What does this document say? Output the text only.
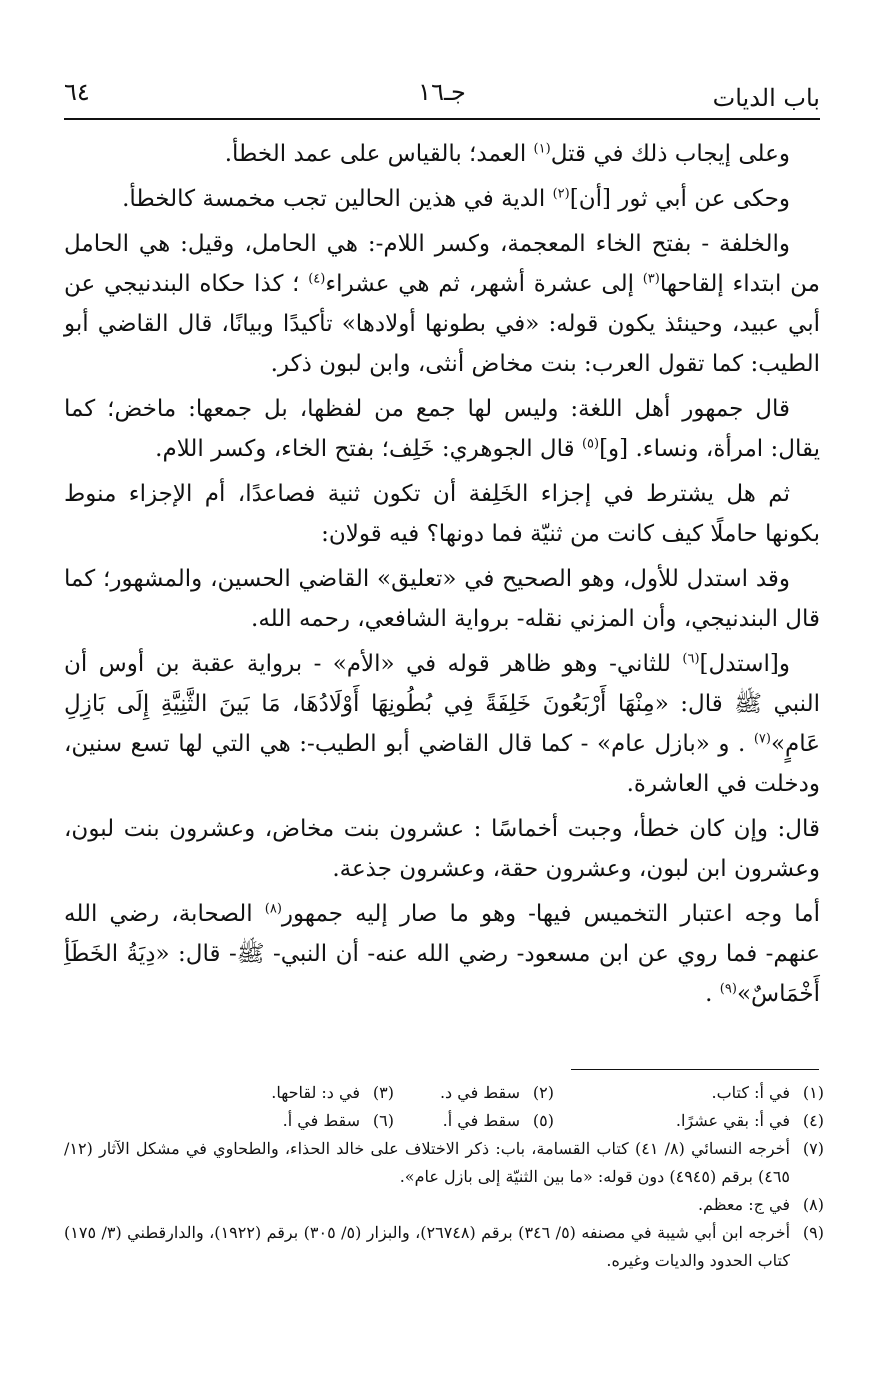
باب الديات
جـ١٦
٦٤

وعلى إيجاب ذلك في قتل$^{(١)}$ العمد؛ بالقياس على عمد الخطأ.

وحكى عن أبي ثور [أن]$^{(٢)}$ الدية في هذين الحالين تجب مخمسة كالخطأ.

والخلفة - بفتح الخاء المعجمة، وكسر اللام-: هي الحامل، وقيل: هي الحامل من ابتداء إلقاحها$^{(٣)}$ إلى عشرة أشهر، ثم هي عشراء$^{(٤)}$ ؛ كذا حكاه البندنيجي عن أبي عبيد، وحينئذ يكون قوله: «في بطونها أولادها» تأكيدًا وبيانًا، قال القاضي أبو الطيب: كما تقول العرب: بنت مخاض أنثى، وابن لبون ذكر.

قال جمهور أهل اللغة: وليس لها جمع من لفظها، بل جمعها: ماخض؛ كما يقال: امرأة، ونساء. [و]$^{(٥)}$ قال الجوهري: خَلِف؛ بفتح الخاء، وكسر اللام.

ثم هل يشترط في إجزاء الخَلِفة أن تكون ثنية فصاعدًا، أم الإجزاء منوط بكونها حاملًا كيف كانت من ثنيّة فما دونها؟ فيه قولان:

وقد استدل للأول، وهو الصحيح في «تعليق» القاضي الحسين، والمشهور؛ كما قال البندنيجي، وأن المزني نقله- برواية الشافعي، رحمه الله.

و[استدل]$^{(٦)}$ للثاني- وهو ظاهر قوله في «الأم» - برواية عقبة بن أوس أن النبي ﷺ قال: «مِنْهَا أَرْبَعُونَ خَلِفَةً فِي بُطُونِهَا أَوْلَادُهَا، مَا بَينَ الثَّنِيَّةِ إِلَى بَازِلِ عَامٍ»$^{(٧)}$ . و «بازل عام» - كما قال القاضي أبو الطيب-: هي التي لها تسع سنين، ودخلت في العاشرة.

قال: وإن كان خطأ، وجبت أخماسًا : عشرون بنت مخاض، وعشرون بنت لبون، وعشرون ابن لبون، وعشرون حقة، وعشرون جذعة.

أما وجه اعتبار التخميس فيها- وهو ما صار إليه جمهور$^{(٨)}$ الصحابة، رضي الله عنهم- فما روي عن ابن مسعود- رضي الله عنه- أن النبي- ﷺ- قال: «دِيَةُ الخَطَأِ أَخْمَاسٌ»$^{(٩)}$ .

(١)
في أ: كتاب.
(٢)
سقط في د.
(٣)
في د: لقاحها.
(٤)
في أ: بقي عشرًا.
(٥)
سقط في أ.
(٦)
سقط في أ.
(٧)
أخرجه النسائي (٨/ ٤١) كتاب القسامة، باب: ذكر الاختلاف على خالد الحذاء، والطحاوي في مشكل الآثار (١٢/ ٤٦٥) برقم (٤٩٤٥) دون قوله: «ما بين الثنيّة إلى بازل عام».
(٨)
في ج: معظم.
(٩)
أخرجه ابن أبي شيبة في مصنفه (٥/ ٣٤٦) برقم (٢٦٧٤٨)، والبزار (٥/ ٣٠٥) برقم (١٩٢٢)، والدارقطني (٣/ ١٧٥) كتاب الحدود والديات وغيره.
